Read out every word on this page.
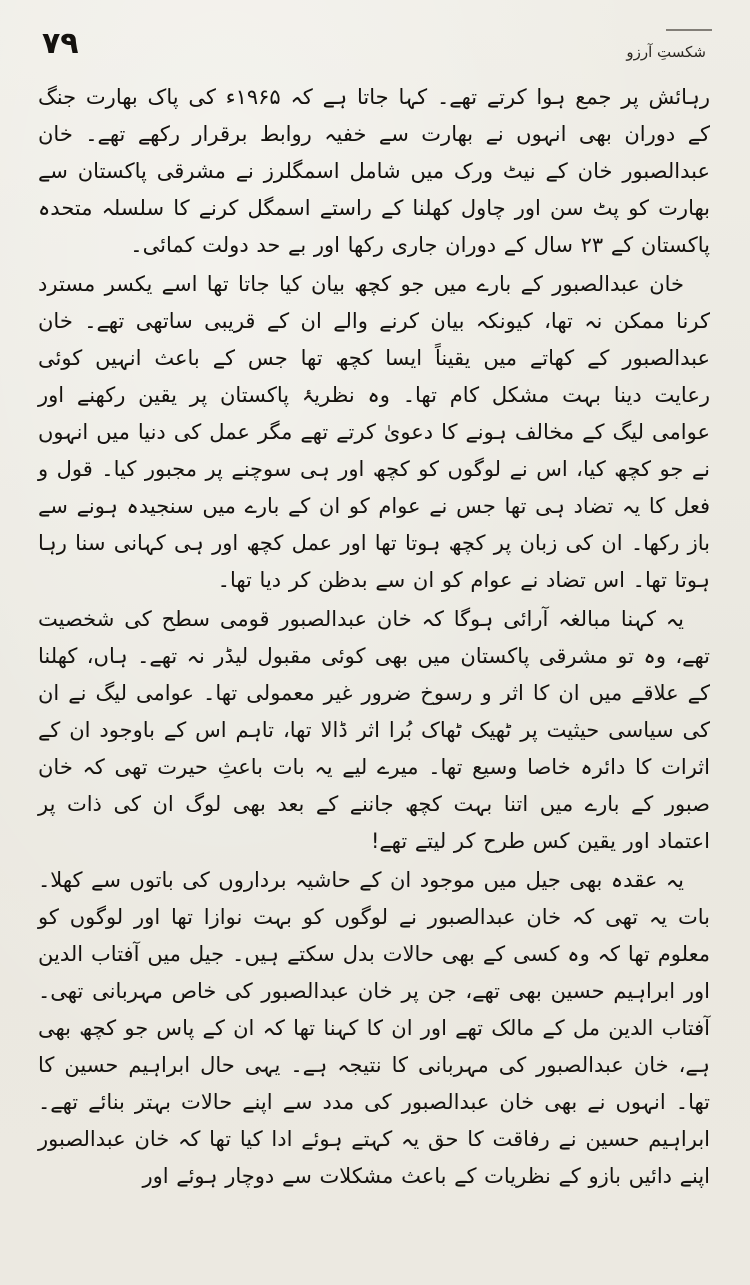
۷۹	شکستِ آرزو

رہائش پر جمع ہوا کرتے تھے۔ کہا جاتا ہے کہ ۱۹۶۵ء کی پاک بھارت جنگ کے دوران بھی انہوں نے بھارت سے خفیہ روابط برقرار رکھے تھے۔ خان عبدالصبور خان کے نیٹ ورک میں شامل اسمگلرز نے مشرقی پاکستان سے بھارت کو پٹ سن اور چاول کھلنا کے راستے اسمگل کرنے کا سلسلہ متحدہ پاکستان کے ۲۳ سال کے دوران جاری رکھا اور بے حد دولت کمائی۔

خان عبدالصبور کے بارے میں جو کچھ بیان کیا جاتا تھا اسے یکسر مسترد کرنا ممکن نہ تھا، کیونکہ بیان کرنے والے ان کے قریبی ساتھی تھے۔ خان عبدالصبور کے کھاتے میں یقیناً ایسا کچھ تھا جس کے باعث انہیں کوئی رعایت دینا بہت مشکل کام تھا۔ وہ نظریۂ پاکستان پر یقین رکھنے اور عوامی لیگ کے مخالف ہونے کا دعویٰ کرتے تھے مگر عمل کی دنیا میں انہوں نے جو کچھ کیا، اس نے لوگوں کو کچھ اور ہی سوچنے پر مجبور کیا۔ قول و فعل کا یہ تضاد ہی تھا جس نے عوام کو ان کے بارے میں سنجیدہ ہونے سے باز رکھا۔ ان کی زبان پر کچھ ہوتا تھا اور عمل کچھ اور ہی کہانی سنا رہا ہوتا تھا۔ اس تضاد نے عوام کو ان سے بدظن کر دیا تھا۔

یہ کہنا مبالغہ آرائی ہوگا کہ خان عبدالصبور قومی سطح کی شخصیت تھے، وہ تو مشرقی پاکستان میں بھی کوئی مقبول لیڈر نہ تھے۔ ہاں، کھلنا کے علاقے میں ان کا اثر و رسوخ ضرور غیر معمولی تھا۔ عوامی لیگ نے ان کی سیاسی حیثیت پر ٹھیک ٹھاک بُرا اثر ڈالا تھا، تاہم اس کے باوجود ان کے اثرات کا دائرہ خاصا وسیع تھا۔ میرے لیے یہ بات باعثِ حیرت تھی کہ خان صبور کے بارے میں اتنا بہت کچھ جاننے کے بعد بھی لوگ ان کی ذات پر اعتماد اور یقین کس طرح کر لیتے تھے!

یہ عقدہ بھی جیل میں موجود ان کے حاشیہ برداروں کی باتوں سے کھلا۔ بات یہ تھی کہ خان عبدالصبور نے لوگوں کو بہت نوازا تھا اور لوگوں کو معلوم تھا کہ وہ کسی کے بھی حالات بدل سکتے ہیں۔ جیل میں آفتاب الدین اور ابراہیم حسین بھی تھے، جن پر خان عبدالصبور کی خاص مہربانی تھی۔ آفتاب الدین مل کے مالک تھے اور ان کا کہنا تھا کہ ان کے پاس جو کچھ بھی ہے، خان عبدالصبور کی مہربانی کا نتیجہ ہے۔ یہی حال ابراہیم حسین کا تھا۔ انہوں نے بھی خان عبدالصبور کی مدد سے اپنے حالات بہتر بنائے تھے۔ ابراہیم حسین نے رفاقت کا حق یہ کہتے ہوئے ادا کیا تھا کہ خان عبدالصبور اپنے دائیں بازو کے نظریات کے باعث مشکلات سے دوچار ہوئے اور
